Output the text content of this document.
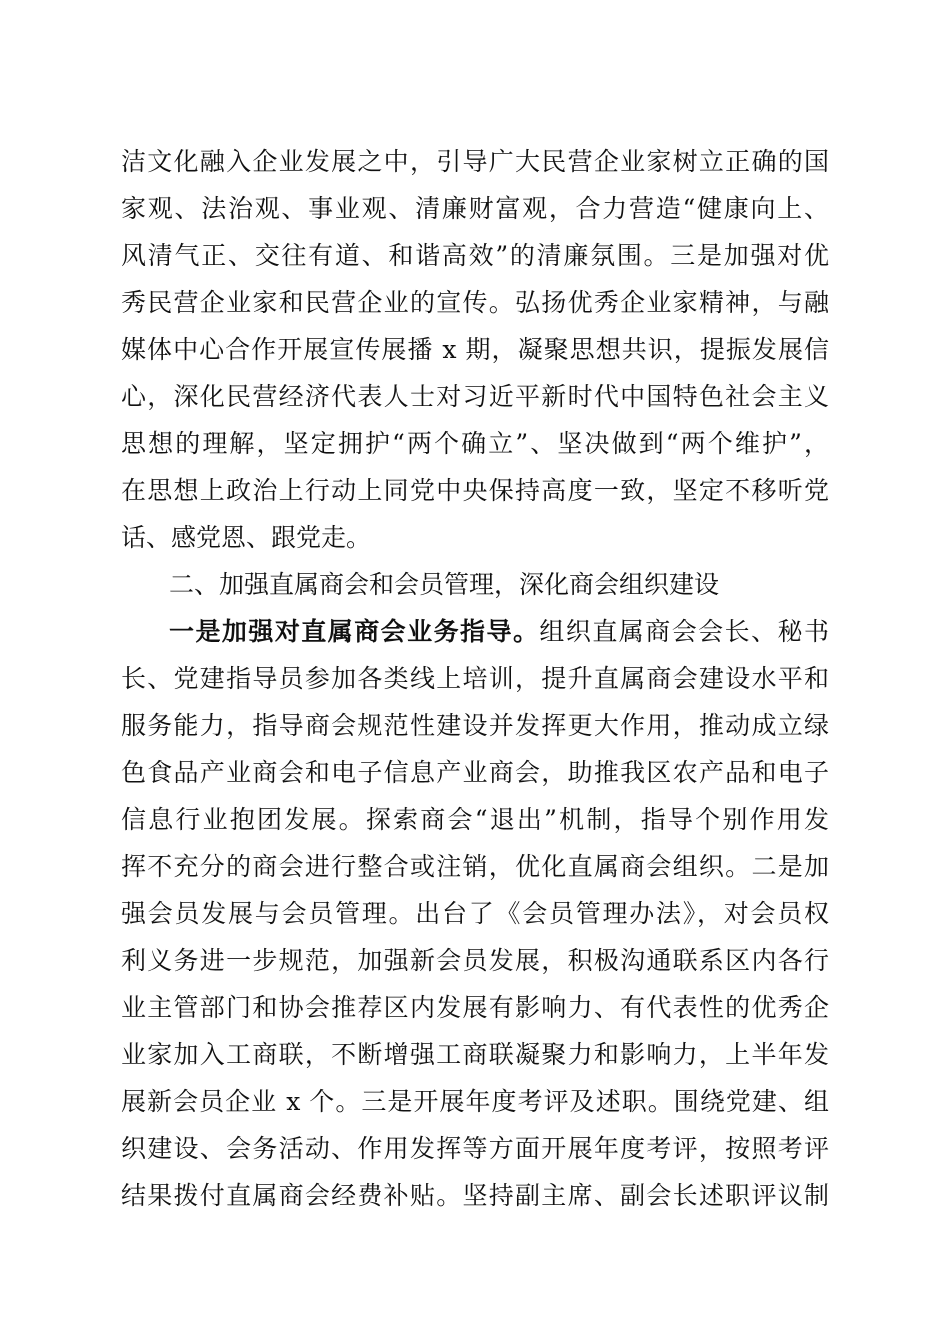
洁文化融入企业发展之中，引导广大民营企业家树立正确的国
家观、法治观、事业观、清廉财富观，合力营造“健康向上、
风清气正、交往有道、和谐高效”的清廉氛围。三是加强对优
秀民营企业家和民营企业的宣传。弘扬优秀企业家精神，与融
媒体中心合作开展宣传展播 x 期，凝聚思想共识，提振发展信
心，深化民营经济代表人士对习近平新时代中国特色社会主义
思想的理解，坚定拥护“两个确立”、坚决做到“两个维护”，
在思想上政治上行动上同党中央保持高度一致，坚定不移听党
话、感党恩、跟党走。
二、加强直属商会和会员管理，深化商会组织建设
一是加强对直属商会业务指导。组织直属商会会长、秘书
长、党建指导员参加各类线上培训，提升直属商会建设水平和
服务能力，指导商会规范性建设并发挥更大作用，推动成立绿
色食品产业商会和电子信息产业商会，助推我区农产品和电子
信息行业抱团发展。探索商会“退出”机制，指导个别作用发
挥不充分的商会进行整合或注销，优化直属商会组织。二是加
强会员发展与会员管理。出台了《会员管理办法》，对会员权
利义务进一步规范，加强新会员发展，积极沟通联系区内各行
业主管部门和协会推荐区内发展有影响力、有代表性的优秀企
业家加入工商联，不断增强工商联凝聚力和影响力，上半年发
展新会员企业 x 个。三是开展年度考评及述职。围绕党建、组
织建设、会务活动、作用发挥等方面开展年度考评，按照考评
结果拨付直属商会经费补贴。坚持副主席、副会长述职评议制
